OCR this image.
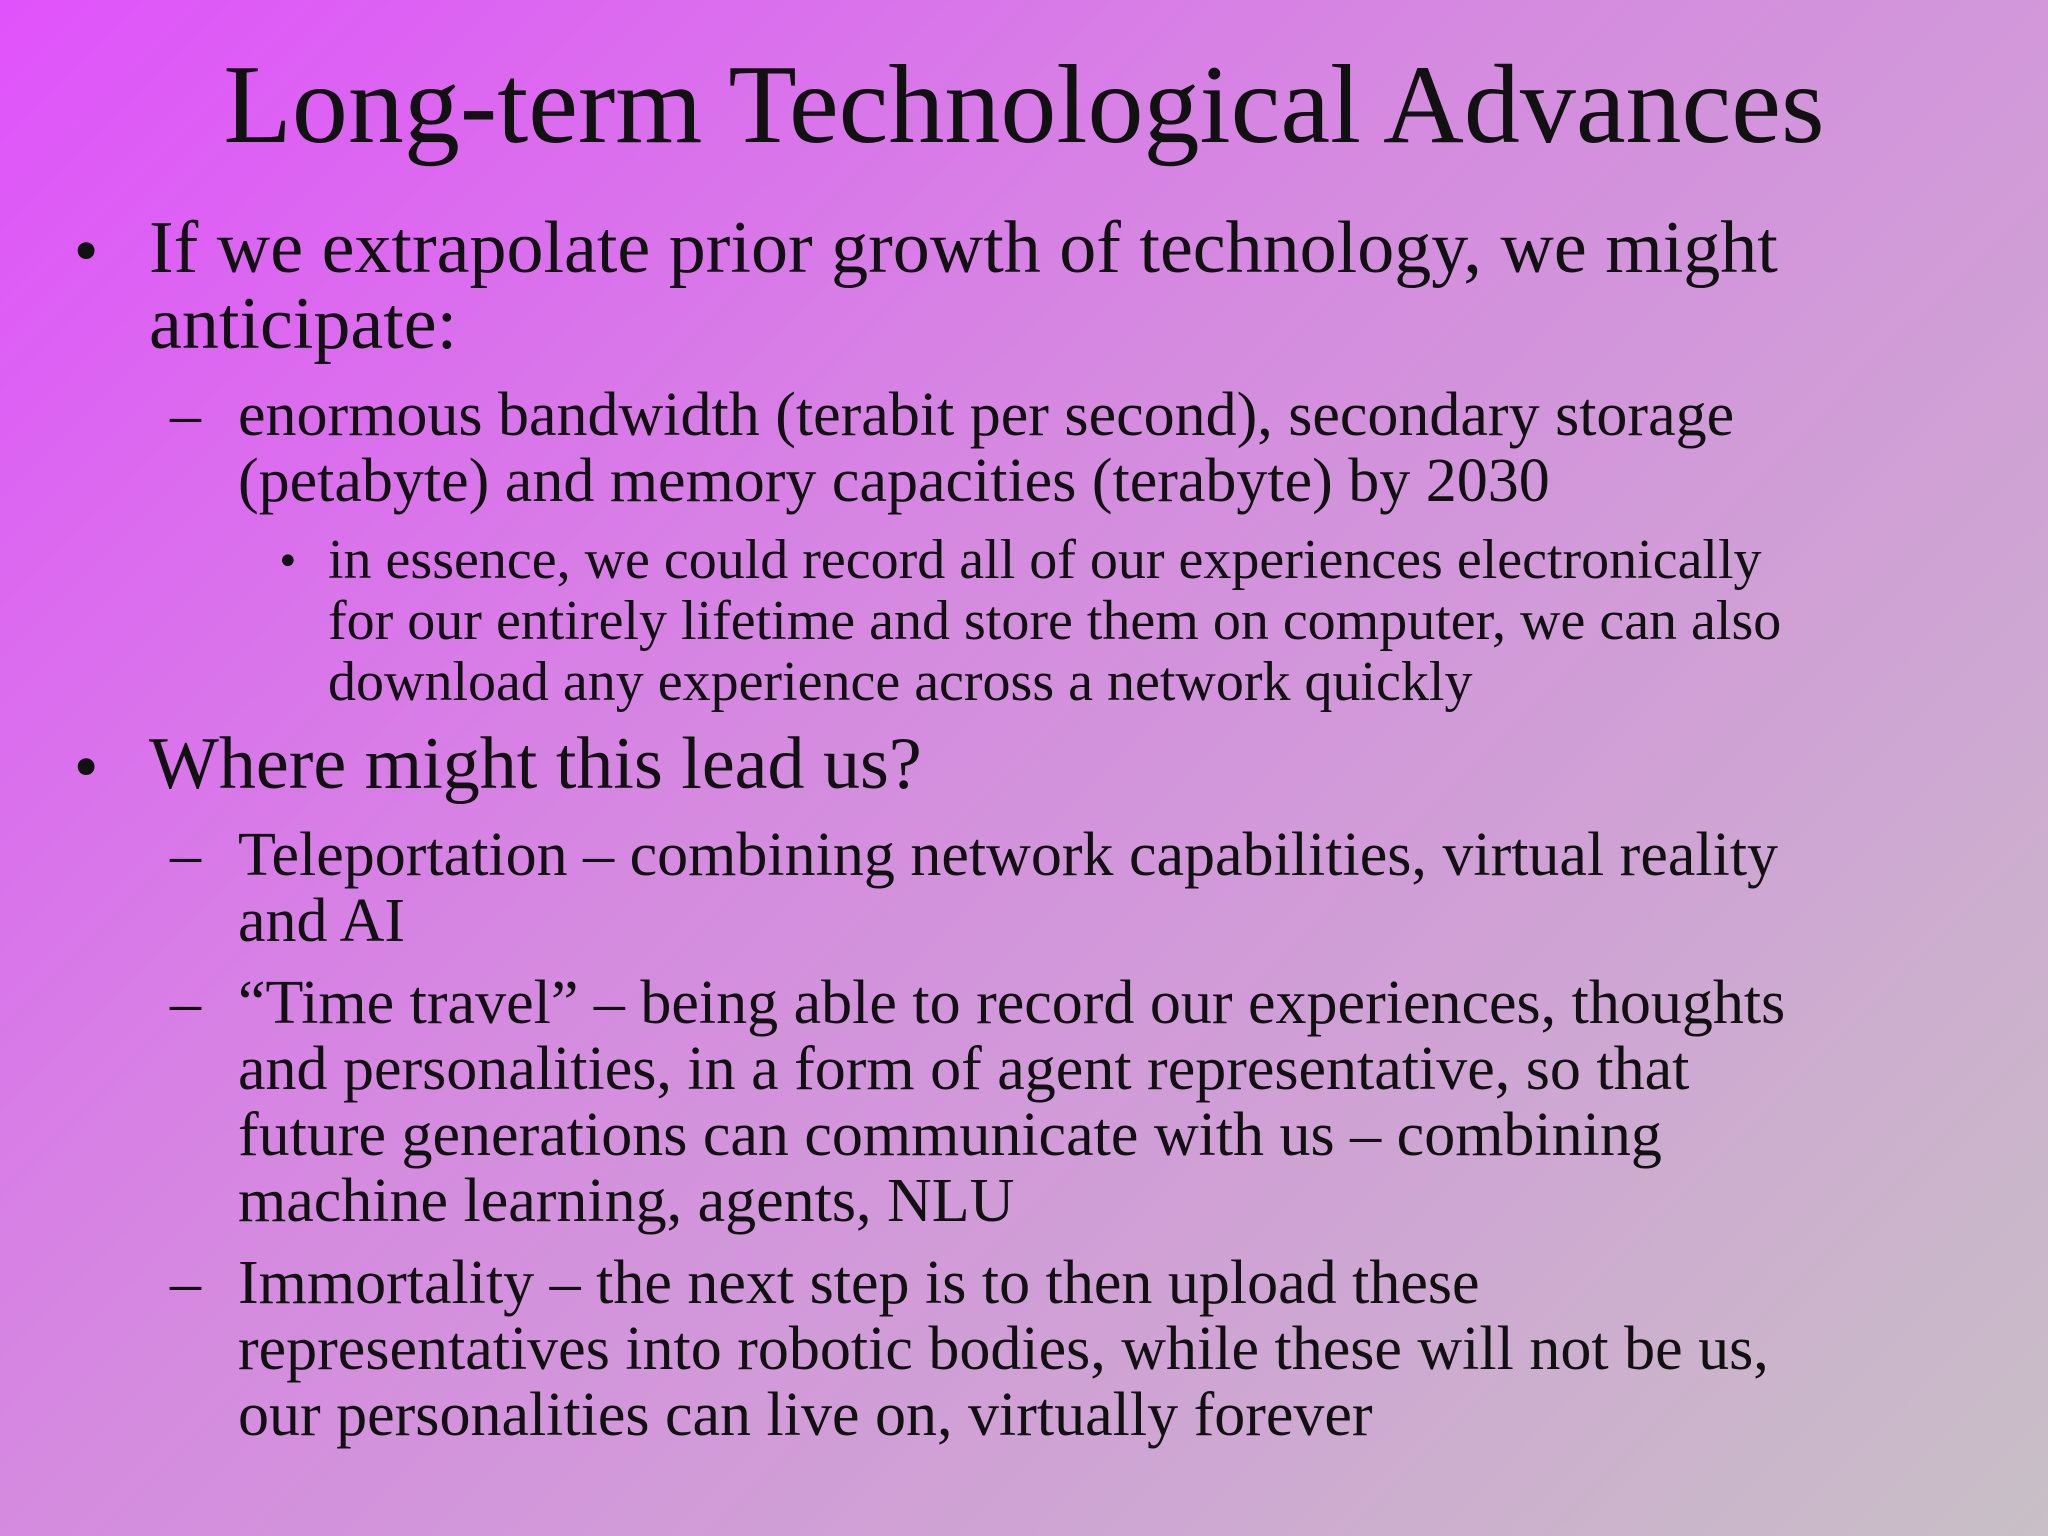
Long-term Technological Advances
• If we extrapolate prior growth of technology, we might
anticipate:
– enormous bandwidth (terabit per second), secondary storage
(petabyte) and memory capacities (terabyte) by 2030
• in essence, we could record all of our experiences electronically
for our entirely lifetime and store them on computer, we can also
download any experience across a network quickly
• Where might this lead us?
– Teleportation – combining network capabilities, virtual reality
and AI
– “Time travel” – being able to record our experiences, thoughts
and personalities, in a form of agent representative, so that
future generations can communicate with us – combining
machine learning, agents, NLU
– Immortality – the next step is to then upload these
representatives into robotic bodies, while these will not be us,
our personalities can live on, virtually forever
